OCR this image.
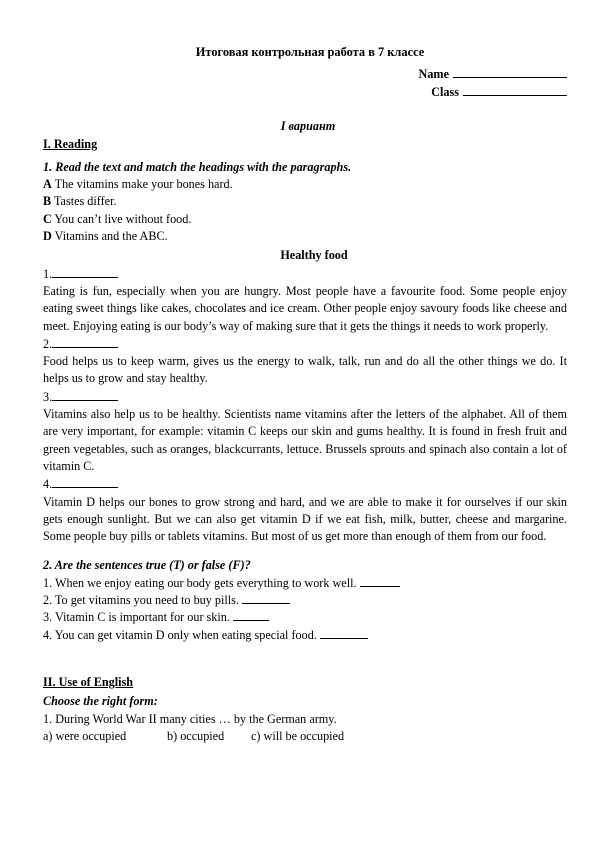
Итоговая контрольная работа в 7 классе
Name
Class
I вариант
I. Reading
1. Read the text and match the headings with the paragraphs.
A The vitamins make your bones hard.
B Tastes differ.
C You can’t live without food.
D Vitamins and the ABC.
Healthy food
1.
Eating is fun, especially when you are hungry. Most people have a favourite food. Some people enjoy eating sweet things like cakes, chocolates and ice cream. Other people enjoy savoury foods like cheese and meet. Enjoying eating is our body’s way of making sure that it gets the things it needs to work properly.
2.
Food helps us to keep warm, gives us the energy to walk, talk, run and do all the other things we do. It helps us to grow and stay healthy.
3.
Vitamins also help us to be healthy. Scientists name vitamins after the letters of the alphabet. All of them are very important, for example: vitamin C keeps our skin and gums healthy. It is found in fresh fruit and green vegetables, such as oranges, blackcurrants, lettuce. Brussels sprouts and spinach also contain a lot of vitamin C.
4.
Vitamin D helps our bones to grow strong and hard, and we are able to make it for ourselves if our skin gets enough sunlight. But we can also get vitamin D if we eat fish, milk, butter, cheese and margarine. Some people buy pills or tablets vitamins. But most of us get more than enough of them from our food.
2. Are the sentences true (T) or false (F)?
1. When we enjoy eating our body gets everything to work well.
2. To get vitamins you need to buy pills.
3. Vitamin C is important for our skin.
4. You can get vitamin D only when eating special food.
II. Use of English
Choose the right form:
1. During World War II many cities … by the German army.
a) were occupied	b) occupied c) will be occupied
